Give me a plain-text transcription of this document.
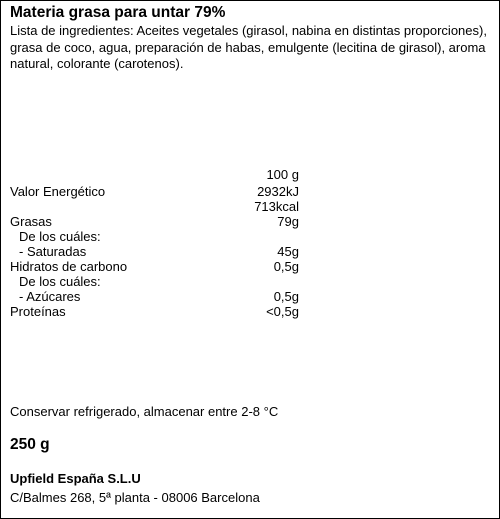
Materia grasa para untar 79%
Lista de ingredientes: Aceites vegetales (girasol, nabina en distintas proporciones), grasa de coco, agua, preparación de habas, emulgente (lecitina de girasol), aroma natural, colorante (carotenos).
100 g
Valor Energético	2932kJ
713kcal
Grasas	79g
De los cuáles:
- Saturadas	45g
Hidratos de carbono	0,5g
De los cuáles:
- Azúcares	0,5g
Proteínas	<0,5g
Conservar refrigerado, almacenar entre 2-8 °C
250 g
Upfield España S.L.U
C/Balmes 268, 5ª planta - 08006 Barcelona
